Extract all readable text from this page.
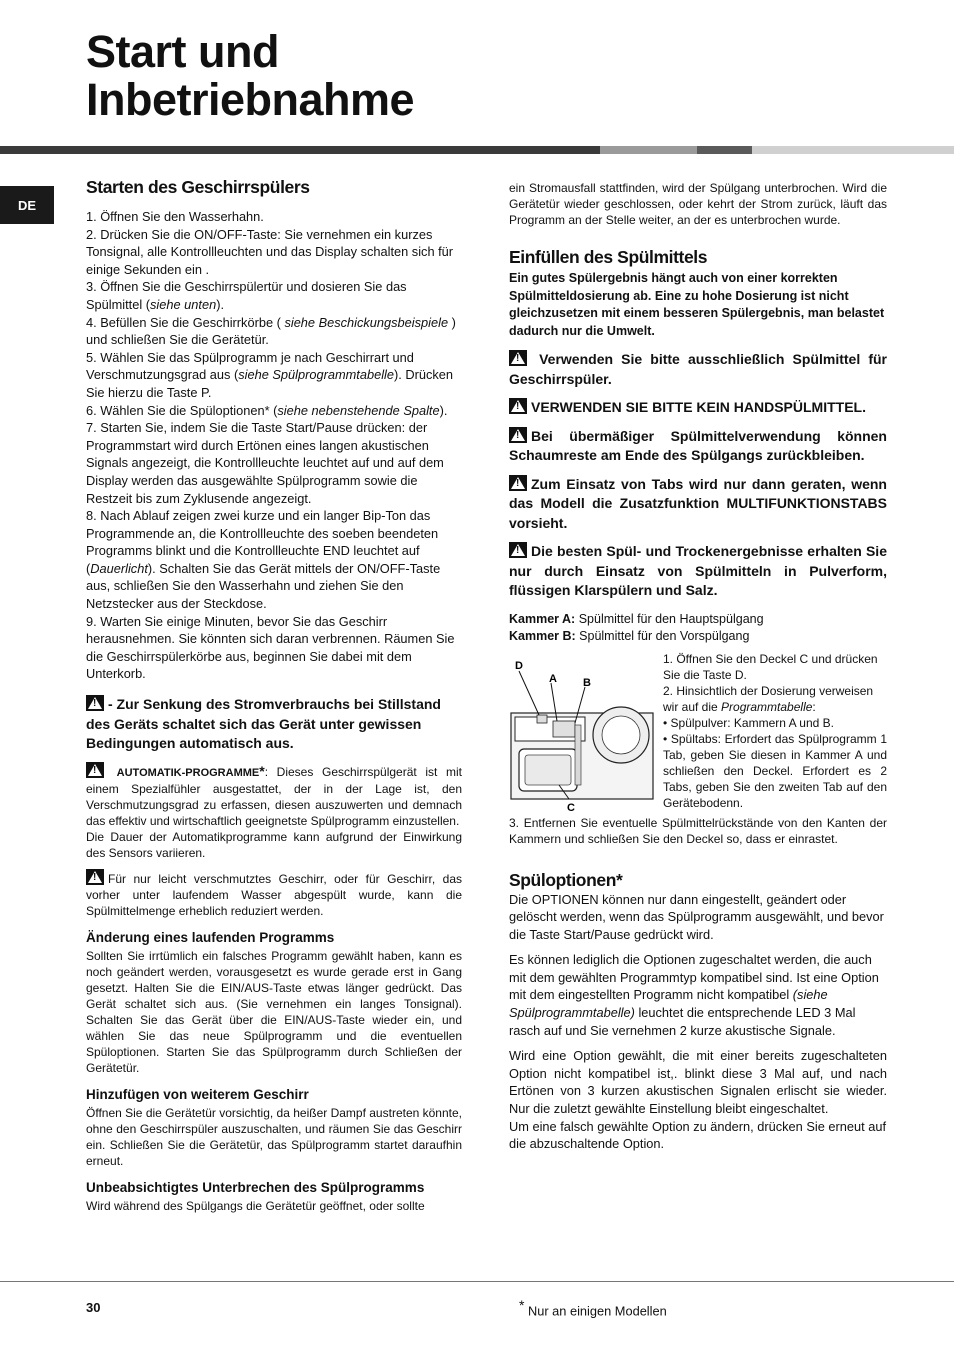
Start und
Inbetriebnahme
DE
Starten des Geschirrspülers

1. Öffnen Sie den Wasserhahn.

2. Drücken Sie die ON/OFF-Taste: Sie vernehmen ein kurzes Tonsignal, alle Kontrollleuchten und das Display schalten sich für einige Sekunden ein .

3. Öffnen Sie die Geschirrspülertür und dosieren Sie das Spülmittel (siehe unten).

4. Befüllen Sie die Geschirrkörbe ( siehe Beschickungsbeispiele ) und schließen Sie die Gerätetür.

5. Wählen Sie das Spülprogramm je nach Geschirrart und Verschmutzungsgrad aus (siehe Spülprogrammtabelle). Drücken Sie hierzu die Taste P.

6. Wählen Sie die Spüloptionen* (siehe nebenstehende Spalte).

7. Starten Sie, indem Sie die Taste Start/Pause drücken: der Programmstart wird durch Ertönen eines langen akustischen Signals angezeigt, die Kontrollleuchte leuchtet auf und auf dem Display werden das ausgewählte Spülprogramm sowie die Restzeit bis zum Zyklusende angezeigt.

8. Nach Ablauf zeigen zwei kurze und ein langer Bip-Ton das Programmende an, die Kontrollleuchte des soeben beendeten Programms blinkt und die Kontrollleuchte END leuchtet auf (Dauerlicht). Schalten Sie das Gerät mittels der ON/OFF-Taste aus, schließen Sie den Wasserhahn und ziehen Sie den Netzstecker aus der Steckdose.

9. Warten Sie einige Minuten, bevor Sie das Geschirr herausnehmen. Sie könnten sich daran verbrennen. Räumen Sie die Geschirrspülerkörbe aus, beginnen Sie dabei mit dem Unterkorb.

!- Zur Senkung des Stromverbrauchs bei Stillstand des Geräts schaltet sich das Gerät unter gewissen Bedingungen automatisch aus.

! AUTOMATIK-PROGRAMME*: Dieses Geschirrspülgerät ist mit einem Spezialfühler ausgestattet, der in der Lage ist, den Verschmutzungsgrad zu erfassen, diesen auszuwerten und demnach das effektiv und wirtschaftlich geeignetste Spülprogramm einzustellen.
Die Dauer der Automatikprogramme kann aufgrund der Einwirkung des Sensors variieren.

!Für nur leicht verschmutztes Geschirr, oder für Geschirr, das vorher unter laufendem Wasser abgespült wurde, kann die Spülmittelmenge erheblich reduziert werden.

Änderung eines laufenden Programms

Sollten Sie irrtümlich ein falsches Programm gewählt haben, kann es noch geändert werden, vorausgesetzt es wurde gerade erst in Gang gesetzt. Halten Sie die EIN/AUS-Taste etwas länger gedrückt. Das Gerät schaltet sich aus. (Sie vernehmen ein langes Tonsignal). Schalten Sie das Gerät über die EIN/AUS-Taste wieder ein, und wählen Sie das neue Spülprogramm und die eventuellen Spüloptionen. Starten Sie das Spülprogramm durch Schließen der Gerätetür.

Hinzufügen von weiterem Geschirr

Öffnen Sie die Gerätetür vorsichtig, da heißer Dampf austreten könnte, ohne den Geschirrspüler auszuschalten, und räumen Sie das Geschirr ein. Schließen Sie die Gerätetür, das Spülprogramm startet daraufhin erneut.

Unbeabsichtigtes Unterbrechen des Spülprogramms

Wird während des Spülgangs die Gerätetür geöffnet, oder sollte

ein Stromausfall stattfinden, wird der Spülgang unterbrochen. Wird die Gerätetür wieder geschlossen, oder kehrt der Strom zurück, läuft das Programm an der Stelle weiter, an der es unterbrochen wurde.

Einfüllen des Spülmittels

Ein gutes Spülergebnis hängt auch von einer korrekten Spülmitteldosierung ab. Eine zu hohe Dosierung ist nicht gleichzusetzen mit einem besseren Spülergebnis, man belastet dadurch nur die Umwelt.

! Verwenden Sie bitte ausschließlich Spülmittel für Geschirrspüler.

!VERWENDEN SIE BITTE KEIN HANDSPÜLMITTEL.

!Bei übermäßiger Spülmittelverwendung können Schaumreste am Ende des Spülgangs zurückbleiben.

!Zum Einsatz von Tabs wird nur dann geraten, wenn das Modell die Zusatzfunktion MULTIFUNKTIONSTABS vorsieht.

!Die besten Spül- und Trockenergebnisse erhalten Sie nur durch Einsatz von Spülmitteln in Pulverform, flüssigen Klarspülern und Salz.

Kammer A: Spülmittel für den Hauptspülgang
Kammer B: Spülmittel für den Vorspülgang

D
A B
C

1. Öffnen Sie den Deckel C und drücken Sie die Taste D.

2. Hinsichtlich der Dosierung verweisen wir auf die Programmtabelle:

• Spülpulver: Kammern A und B.

• Spültabs: Erfordert das Spülprogramm 1 Tab, geben Sie diesen in Kammer A und schließen den Deckel. Erfordert es 2 Tabs, geben Sie den zweiten Tab auf den Gerätebodenn.

3. Entfernen Sie eventuelle Spülmittelrückstände von den Kanten der Kammern und schließen Sie den Deckel so, dass er einrastet.

Spüloptionen*

Die OPTIONEN können nur dann eingestellt, geändert oder gelöscht werden, wenn das Spülprogramm ausgewählt, und bevor die Taste Start/Pause gedrückt wird.

Es können lediglich die Optionen zugeschaltet werden, die auch mit dem gewählten Programmtyp kompatibel sind. Ist eine Option mit dem eingestellten Programm nicht kompatibel (siehe Spülprogrammtabelle) leuchtet die entsprechende LED 3 Mal rasch auf und Sie vernehmen 2 kurze akustische Signale.

Wird eine Option gewählt, die mit einer bereits zugeschalteten Option nicht kompatibel ist,. blinkt diese 3 Mal auf, und nach Ertönen von 3 kurzen akustischen Signalen erlischt sie wieder. Nur die zuletzt gewählte Einstellung bleibt eingeschaltet.

Um eine falsch gewählte Option zu ändern, drücken Sie erneut auf die abzuschaltende Option.

30	* Nur an einigen Modellen
